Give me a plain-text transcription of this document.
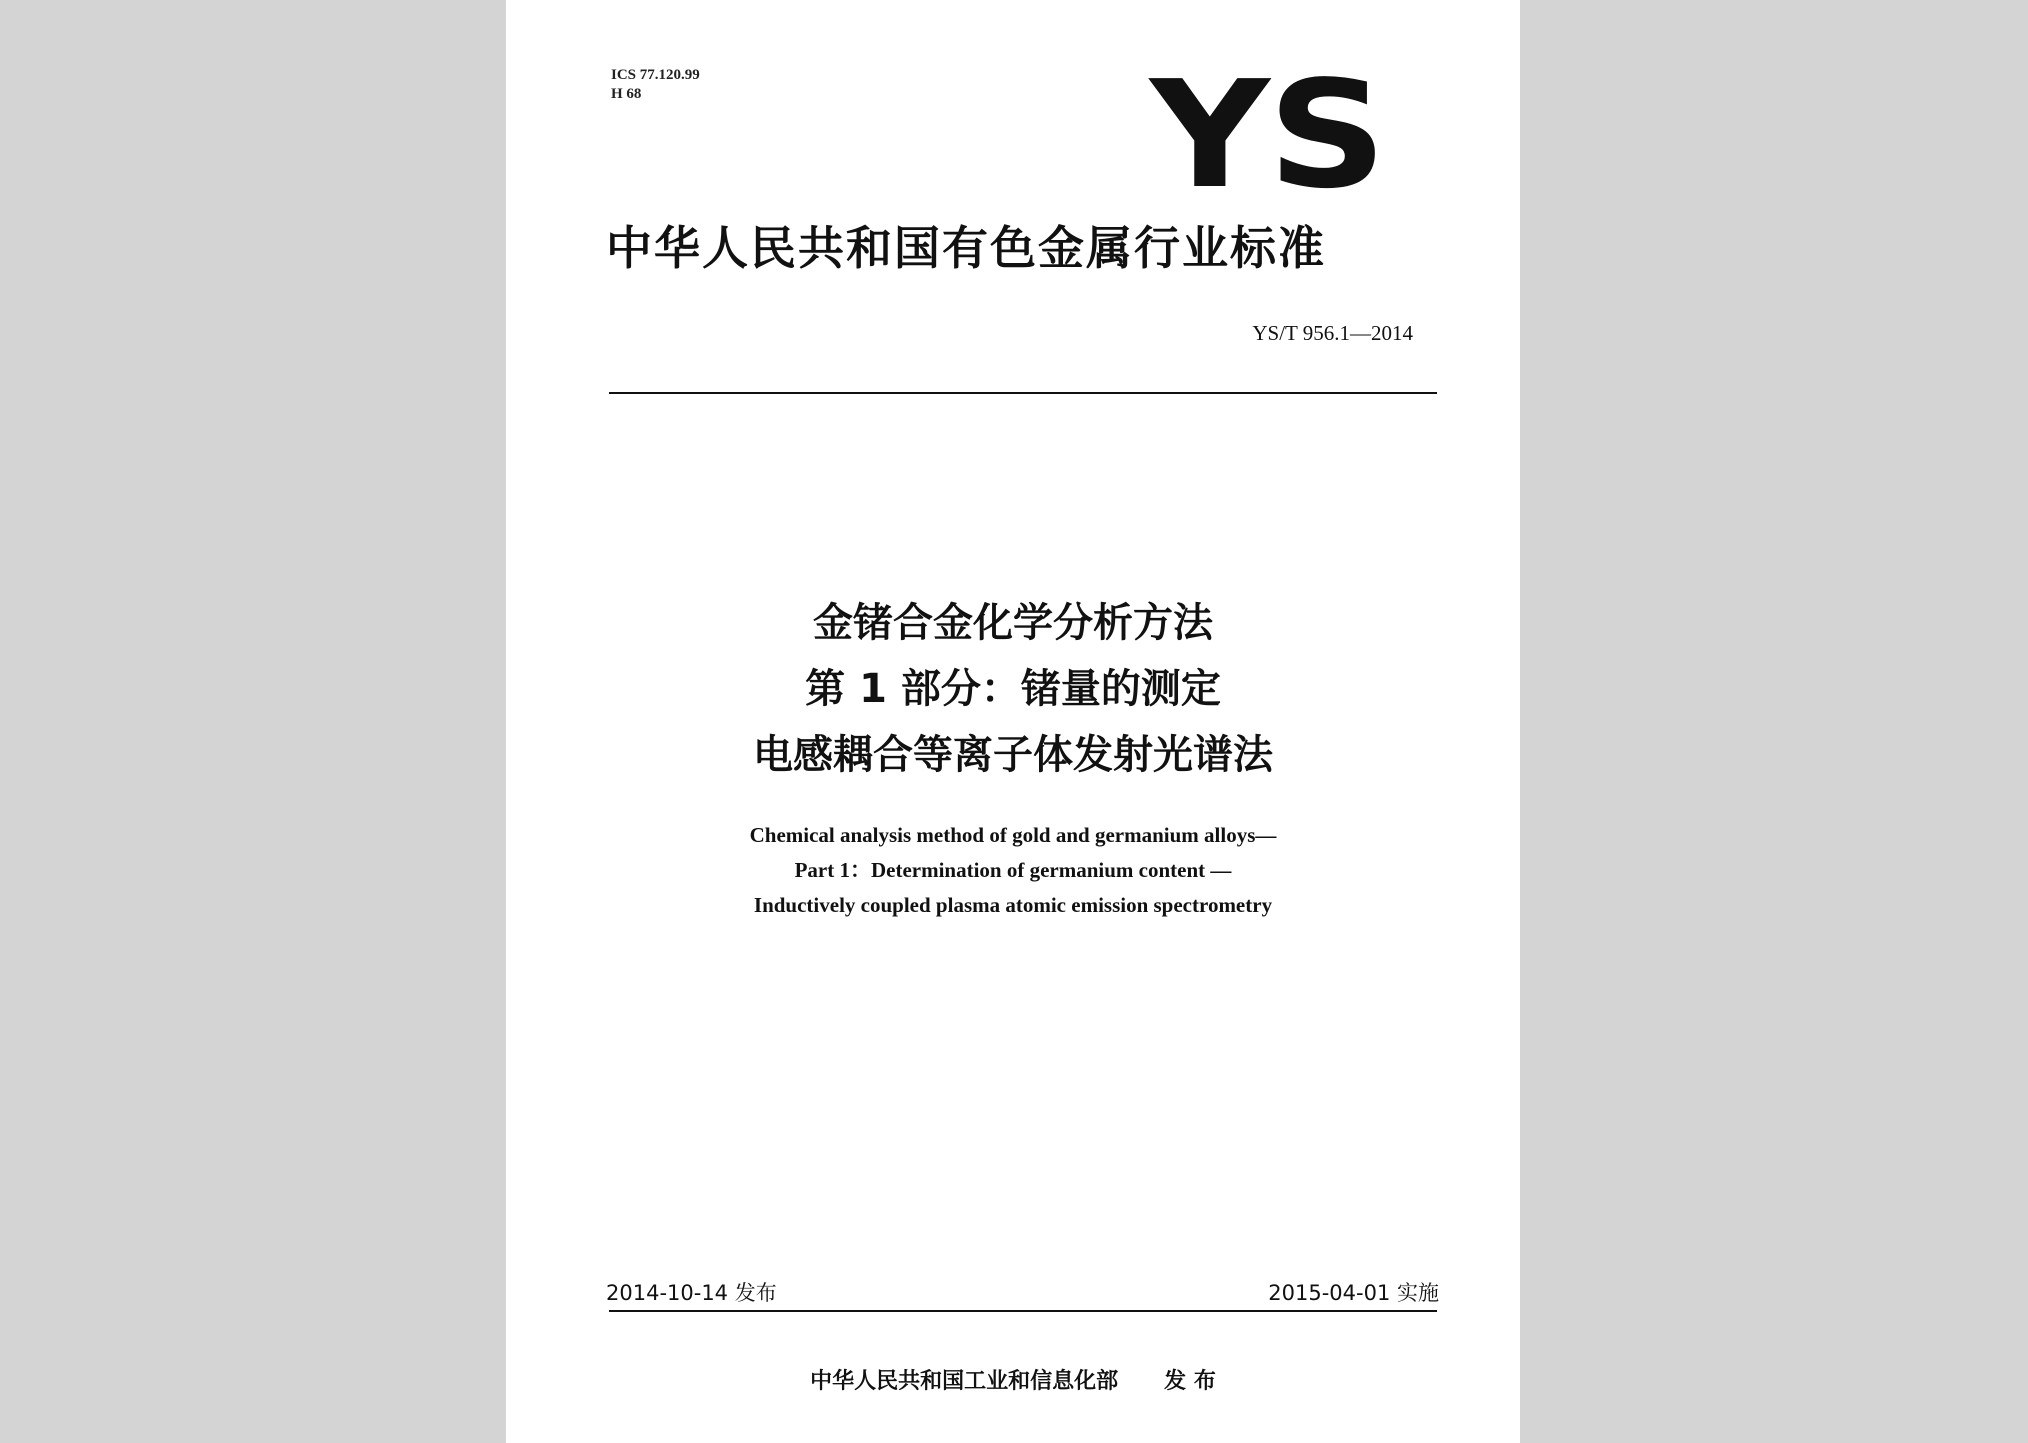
ICS 77.120.99
H 68	YS
中华人民共和国有色金属行业标准
YS/T 956.1—2014
金锗合金化学分析方法
第 1 部分：锗量的测定
电感耦合等离子体发射光谱法
Chemical analysis method of gold and germanium alloys—
Part 1：Determination of germanium content —
Inductively coupled plasma atomic emission spectrometry
2014-10-14 发布	2015-04-01 实施
中华人民共和国工业和信息化部 发 布
